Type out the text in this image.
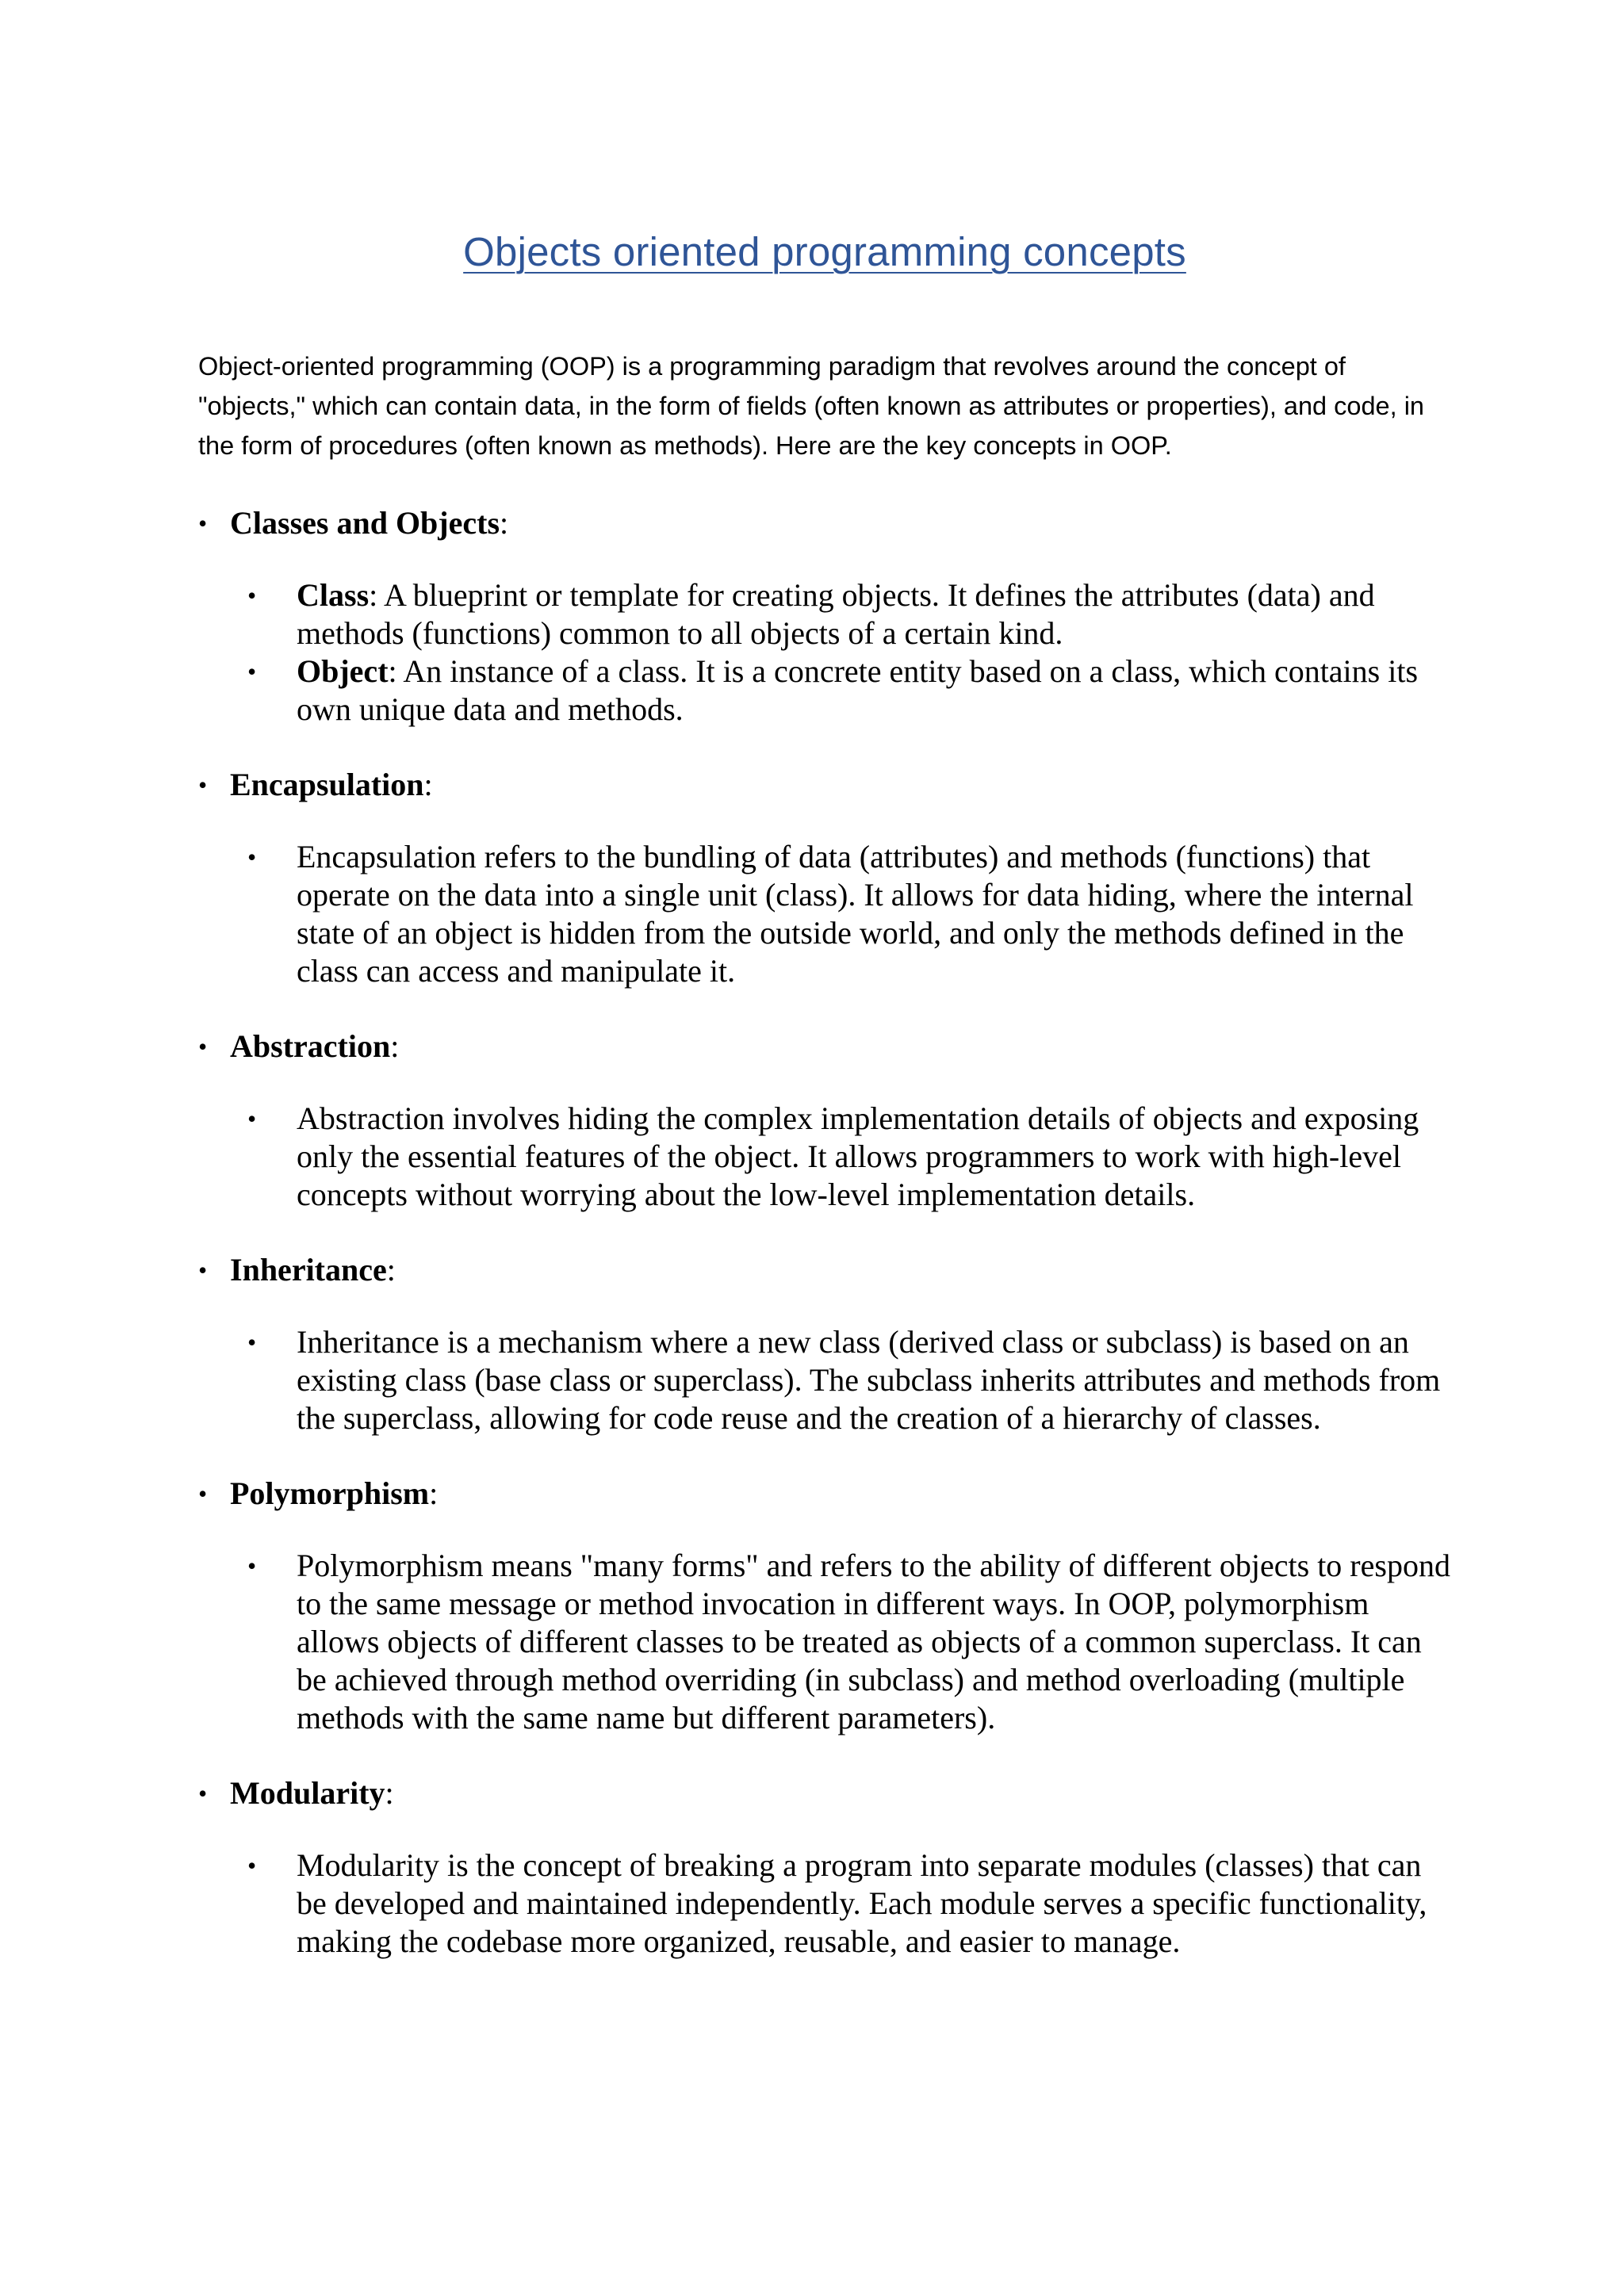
Objects oriented programming concepts

Object-oriented programming (OOP) is a programming paradigm that revolves around the concept of "objects," which can contain data, in the form of fields (often known as attributes or properties), and code, in the form of procedures (often known as methods). Here are the key concepts in OOP.

• Classes and Objects:

• Class: A blueprint or template for creating objects. It defines the attributes (data) and methods (functions) common to all objects of a certain kind.

• Object: An instance of a class. It is a concrete entity based on a class, which contains its own unique data and methods.

• Encapsulation:

• Encapsulation refers to the bundling of data (attributes) and methods (functions) that operate on the data into a single unit (class). It allows for data hiding, where the internal state of an object is hidden from the outside world, and only the methods defined in the class can access and manipulate it.

• Abstraction:

• Abstraction involves hiding the complex implementation details of objects and exposing only the essential features of the object. It allows programmers to work with high-level concepts without worrying about the low-level implementation details.

• Inheritance:

• Inheritance is a mechanism where a new class (derived class or subclass) is based on an existing class (base class or superclass). The subclass inherits attributes and methods from the superclass, allowing for code reuse and the creation of a hierarchy of classes.

• Polymorphism:

• Polymorphism means "many forms" and refers to the ability of different objects to respond to the same message or method invocation in different ways. In OOP, polymorphism allows objects of different classes to be treated as objects of a common superclass. It can be achieved through method overriding (in subclass) and method overloading (multiple methods with the same name but different parameters).

• Modularity:

• Modularity is the concept of breaking a program into separate modules (classes) that can be developed and maintained independently. Each module serves a specific functionality, making the codebase more organized, reusable, and easier to manage.
